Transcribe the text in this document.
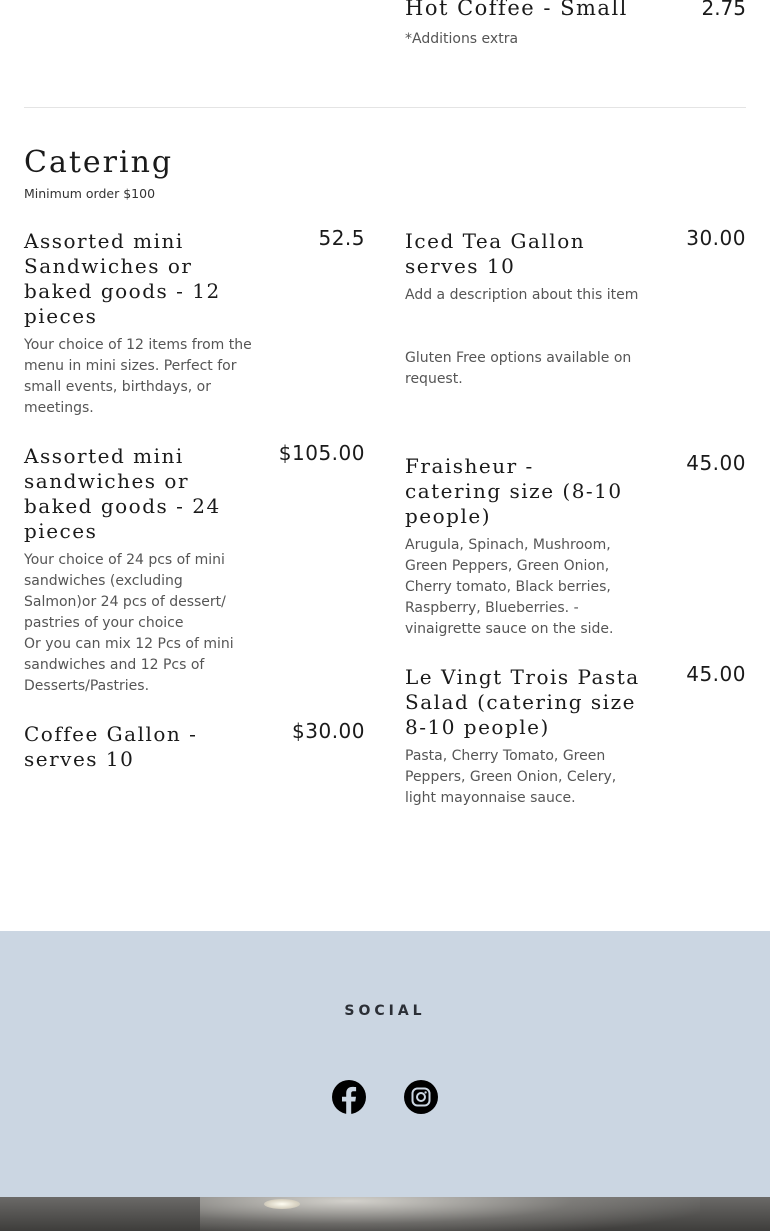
Hot Coffee - Small	2.75
*Additions extra
Catering
Minimum order $100
Assorted mini Sandwiches or baked goods - 12 pieces
Your choice of 12 items from the menu in mini sizes. Perfect for small events, birthdays, or meetings.
52.5
Assorted mini sandwiches or baked goods - 24 pieces
Your choice of 24 pcs of mini sandwiches (excluding Salmon)or 24 pcs of dessert/ pastries of your choice
Or you can mix 12 Pcs of mini sandwiches and 12 Pcs of Desserts/Pastries.
$105.00
Coffee Gallon - serves 10
$30.00
Iced Tea Gallon serves 10
Add a description about this item

Gluten Free options available on request.
30.00
Fraisheur - catering size (8-10 people)
Arugula, Spinach, Mushroom, Green Peppers, Green Onion, Cherry tomato, Black berries, Raspberry, Blueberries. - vinaigrette sauce on the side.
45.00
Le Vingt Trois Pasta Salad (catering size 8-10 people)
Pasta, Cherry Tomato, Green Peppers, Green Onion, Celery, light mayonnaise sauce.
45.00
SOCIAL
